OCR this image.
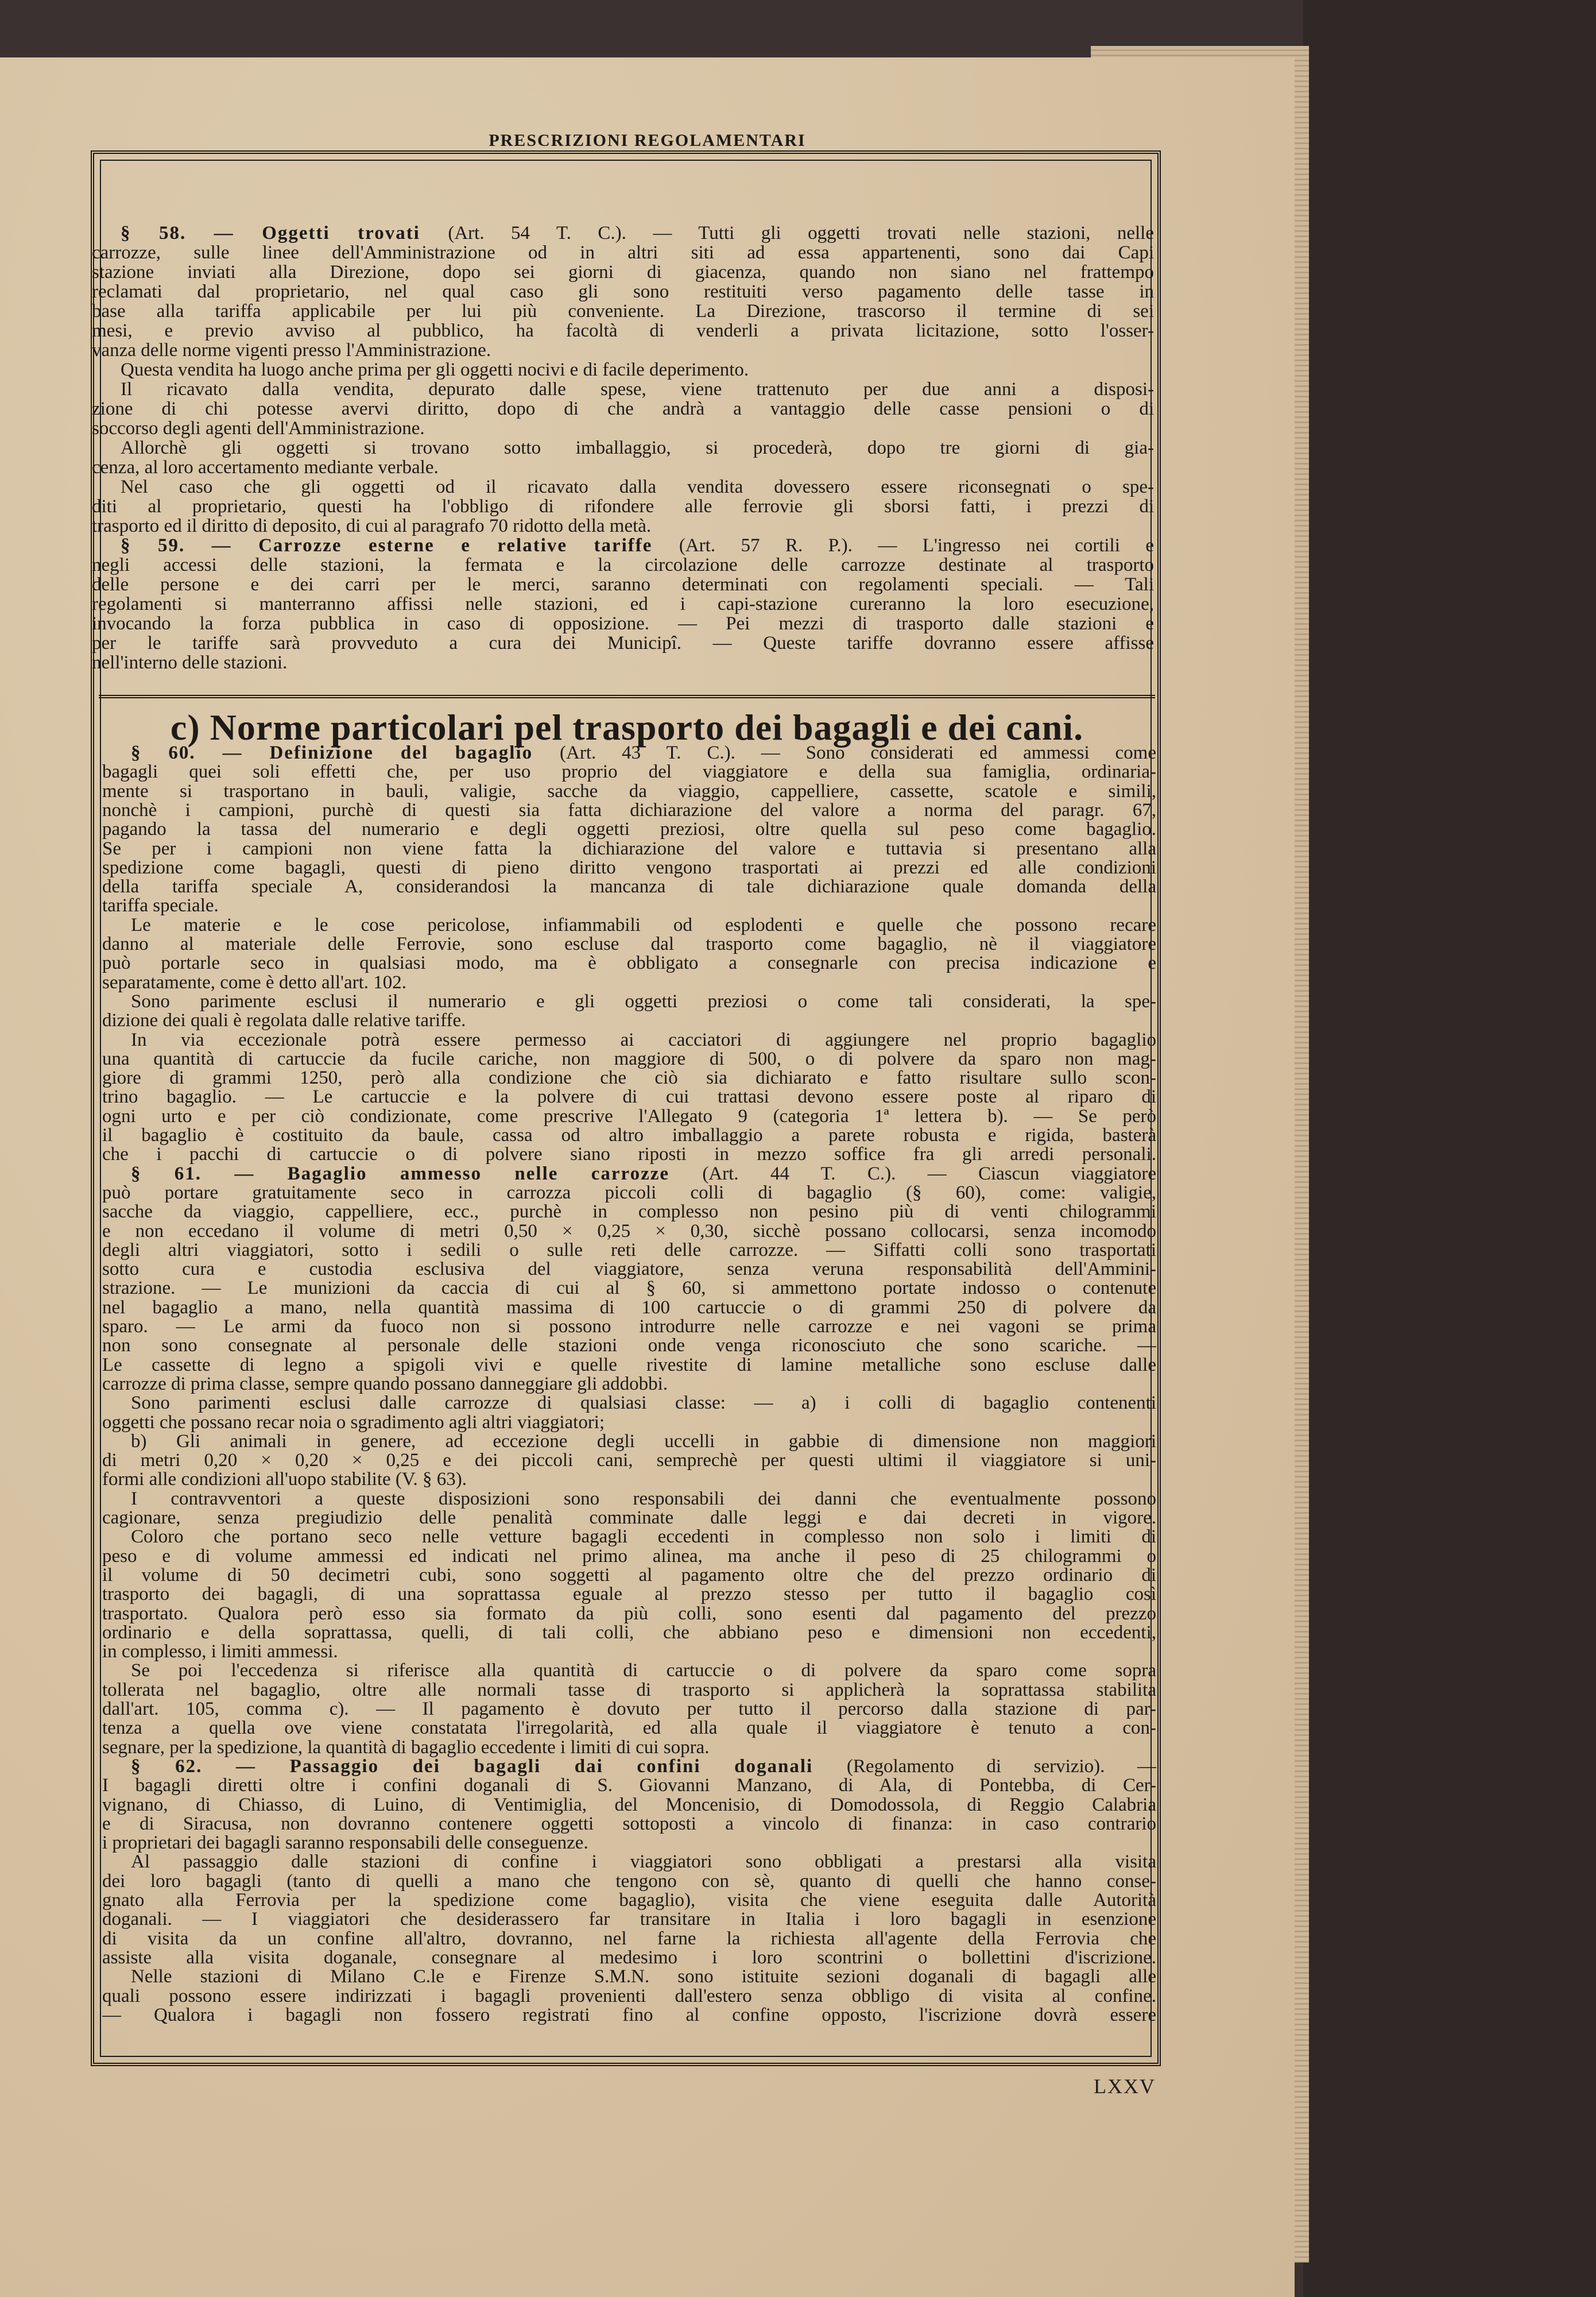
PRESCRIZIONI REGOLAMENTARI
§ 58. — Oggetti trovati (Art. 54 T. C.). — Tutti gli oggetti trovati nelle stazioni, nelle
carrozze, sulle linee dell'Amministrazione od in altri siti ad essa appartenenti, sono dai Capi
stazione inviati alla Direzione, dopo sei giorni di giacenza, quando non siano nel frattempo
reclamati dal proprietario, nel qual caso gli sono restituiti verso pagamento delle tasse in
base alla tariffa applicabile per lui più conveniente. La Direzione, trascorso il termine di sei
mesi, e previo avviso al pubblico, ha facoltà di venderli a privata licitazione, sotto l'osser-
vanza delle norme vigenti presso l'Amministrazione.
Questa vendita ha luogo anche prima per gli oggetti nocivi e di facile deperimento.
Il ricavato dalla vendita, depurato dalle spese, viene trattenuto per due anni a disposi-
zione di chi potesse avervi diritto, dopo di che andrà a vantaggio delle casse pensioni o di
soccorso degli agenti dell'Amministrazione.
Allorchè gli oggetti si trovano sotto imballaggio, si procederà, dopo tre giorni di gia-
cenza, al loro accertamento mediante verbale.
Nel caso che gli oggetti od il ricavato dalla vendita dovessero essere riconsegnati o spe-
diti al proprietario, questi ha l'obbligo di rifondere alle ferrovie gli sborsi fatti, i prezzi di
trasporto ed il diritto di deposito, di cui al paragrafo 70 ridotto della metà.
§ 59. — Carrozze esterne e relative tariffe (Art. 57 R. P.). — L'ingresso nei cortili e
negli accessi delle stazioni, la fermata e la circolazione delle carrozze destinate al trasporto
delle persone e dei carri per le merci, saranno determinati con regolamenti speciali. — Tali
regolamenti si manterranno affissi nelle stazioni, ed i capi-stazione cureranno la loro esecuzione,
invocando la forza pubblica in caso di opposizione. — Pei mezzi di trasporto dalle stazioni e
per le tariffe sarà provveduto a cura dei Municipî. — Queste tariffe dovranno essere affisse
nell'interno delle stazioni.
c) Norme particolari pel trasporto dei bagagli e dei cani.
§ 60. — Definizione del bagaglio (Art. 43 T. C.). — Sono considerati ed ammessi come
bagagli quei soli effetti che, per uso proprio del viaggiatore e della sua famiglia, ordinaria-
mente si trasportano in bauli, valigie, sacche da viaggio, cappelliere, cassette, scatole e simili,
nonchè i campioni, purchè di questi sia fatta dichiarazione del valore a norma del paragr. 67,
pagando la tassa del numerario e degli oggetti preziosi, oltre quella sul peso come bagaglio.
Se per i campioni non viene fatta la dichiarazione del valore e tuttavia si presentano alla
spedizione come bagagli, questi di pieno diritto vengono trasportati ai prezzi ed alle condizioni
della tariffa speciale A, considerandosi la mancanza di tale dichiarazione quale domanda della
tariffa speciale.
Le materie e le cose pericolose, infiammabili od esplodenti e quelle che possono recare
danno al materiale delle Ferrovie, sono escluse dal trasporto come bagaglio, nè il viaggiatore
può portarle seco in qualsiasi modo, ma è obbligato a consegnarle con precisa indicazione e
separatamente, come è detto all'art. 102.
Sono parimente esclusi il numerario e gli oggetti preziosi o come tali considerati, la spe-
dizione dei quali è regolata dalle relative tariffe.
In via eccezionale potrà essere permesso ai cacciatori di aggiungere nel proprio bagaglio
una quantità di cartuccie da fucile cariche, non maggiore di 500, o di polvere da sparo non mag-
giore di grammi 1250, però alla condizione che ciò sia dichiarato e fatto risultare sullo scon-
trino bagaglio. — Le cartuccie e la polvere di cui trattasi devono essere poste al riparo di
ogni urto e per ciò condizionate, come prescrive l'Allegato 9 (categoria 1ª lettera b). — Se però
il bagaglio è costituito da baule, cassa od altro imballaggio a parete robusta e rigida, basterà
che i pacchi di cartuccie o di polvere siano riposti in mezzo soffice fra gli arredi personali.
§ 61. — Bagaglio ammesso nelle carrozze (Art. 44 T. C.). — Ciascun viaggiatore
può portare gratuitamente seco in carrozza piccoli colli di bagaglio (§ 60), come: valigie,
sacche da viaggio, cappelliere, ecc., purchè in complesso non pesino più di venti chilogrammi
e non eccedano il volume di metri 0,50 × 0,25 × 0,30, sicchè possano collocarsi, senza incomodo
degli altri viaggiatori, sotto i sedili o sulle reti delle carrozze. — Siffatti colli sono trasportati
sotto cura e custodia esclusiva del viaggiatore, senza veruna responsabilità dell'Ammini-
strazione. — Le munizioni da caccia di cui al § 60, si ammettono portate indosso o contenute
nel bagaglio a mano, nella quantità massima di 100 cartuccie o di grammi 250 di polvere da
sparo. — Le armi da fuoco non si possono introdurre nelle carrozze e nei vagoni se prima
non sono consegnate al personale delle stazioni onde venga riconosciuto che sono scariche. —
Le cassette di legno a spigoli vivi e quelle rivestite di lamine metalliche sono escluse dalle
carrozze di prima classe, sempre quando possano danneggiare gli addobbi.
Sono parimenti esclusi dalle carrozze di qualsiasi classe: — a) i colli di bagaglio contenenti
oggetti che possano recar noia o sgradimento agli altri viaggiatori;
b) Gli animali in genere, ad eccezione degli uccelli in gabbie di dimensione non maggiori
di metri 0,20 × 0,20 × 0,25 e dei piccoli cani, semprechè per questi ultimi il viaggiatore si uni-
formi alle condizioni all'uopo stabilite (V. § 63).
I contravventori a queste disposizioni sono responsabili dei danni che eventualmente possono
cagionare, senza pregiudizio delle penalità comminate dalle leggi e dai decreti in vigore.
Coloro che portano seco nelle vetture bagagli eccedenti in complesso non solo i limiti di
peso e di volume ammessi ed indicati nel primo alinea, ma anche il peso di 25 chilogrammi o
il volume di 50 decimetri cubi, sono soggetti al pagamento oltre che del prezzo ordinario di
trasporto dei bagagli, di una soprattassa eguale al prezzo stesso per tutto il bagaglio così
trasportato. Qualora però esso sia formato da più colli, sono esenti dal pagamento del prezzo
ordinario e della soprattassa, quelli, di tali colli, che abbiano peso e dimensioni non eccedenti,
in complesso, i limiti ammessi.
Se poi l'eccedenza si riferisce alla quantità di cartuccie o di polvere da sparo come sopra
tollerata nel bagaglio, oltre alle normali tasse di trasporto si applicherà la soprattassa stabilita
dall'art. 105, comma c). — Il pagamento è dovuto per tutto il percorso dalla stazione di par-
tenza a quella ove viene constatata l'irregolarità, ed alla quale il viaggiatore è tenuto a con-
segnare, per la spedizione, la quantità di bagaglio eccedente i limiti di cui sopra.
§ 62. — Passaggio dei bagagli dai confini doganali (Regolamento di servizio). —
I bagagli diretti oltre i confini doganali di S. Giovanni Manzano, di Ala, di Pontebba, di Cer-
vignano, di Chiasso, di Luino, di Ventimiglia, del Moncenisio, di Domodossola, di Reggio Calabria
e di Siracusa, non dovranno contenere oggetti sottoposti a vincolo di finanza: in caso contrario
i proprietari dei bagagli saranno responsabili delle conseguenze.
Al passaggio dalle stazioni di confine i viaggiatori sono obbligati a prestarsi alla visita
dei loro bagagli (tanto di quelli a mano che tengono con sè, quanto di quelli che hanno conse-
gnato alla Ferrovia per la spedizione come bagaglio), visita che viene eseguita dalle Autorità
doganali. — I viaggiatori che desiderassero far transitare in Italia i loro bagagli in esenzione
di visita da un confine all'altro, dovranno, nel farne la richiesta all'agente della Ferrovia che
assiste alla visita doganale, consegnare al medesimo i loro scontrini o bollettini d'iscrizione.
Nelle stazioni di Milano C.le e Firenze S.M.N. sono istituite sezioni doganali di bagagli alle
quali possono essere indirizzati i bagagli provenienti dall'estero senza obbligo di visita al confine.
— Qualora i bagagli non fossero registrati fino al confine opposto, l'iscrizione dovrà essere
LXXV
